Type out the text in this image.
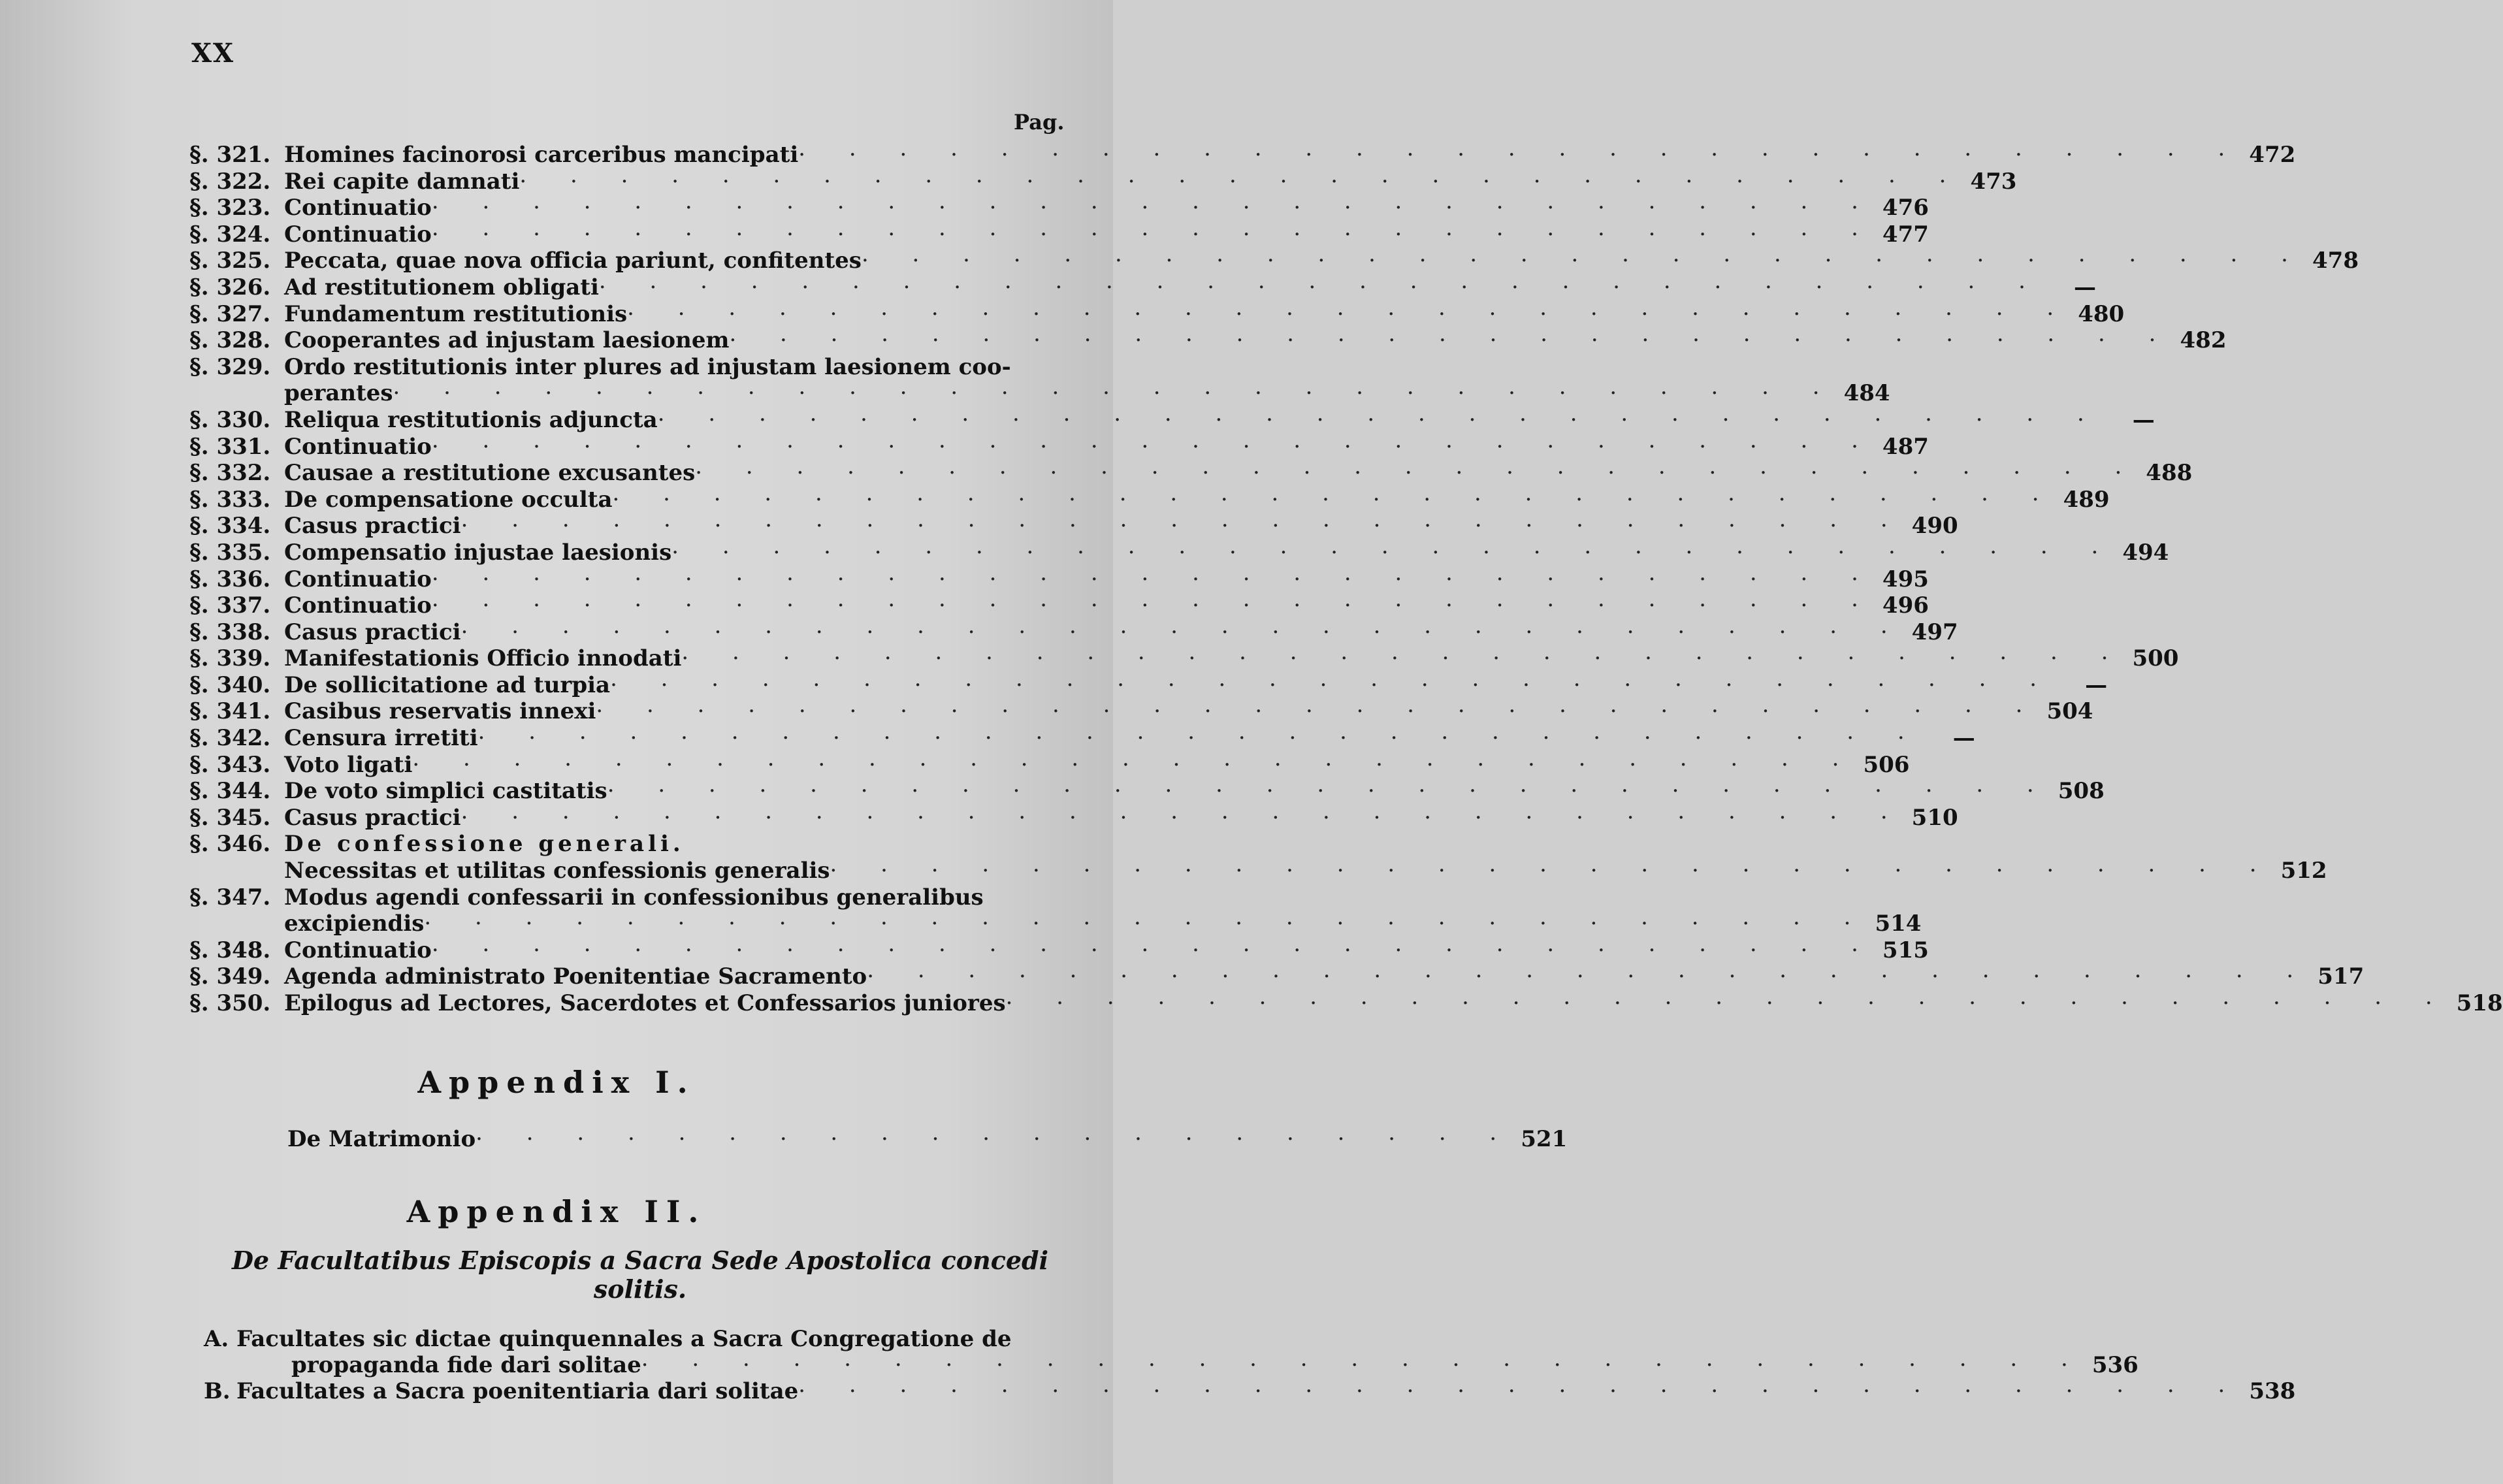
XX
Pag.
§. 321. Homines facinorosi carceribus mancipati · · · · · · · · · · · · · · · · · · · · · · · · · · · · · 472
§. 322. Rei capite damnati · · · · · · · · · · · · · · · · · · · · · · · · · · · · · 473
§. 323. Continuatio · · · · · · · · · · · · · · · · · · · · · · · · · · · · · 476
§. 324. Continuatio · · · · · · · · · · · · · · · · · · · · · · · · · · · · · 477
§. 325. Peccata, quae nova officia pariunt, confitentes · · · · · · · · · · · · · · · · · · · · · · · · · · · · · 478
§. 326. Ad restitutionem obligati · · · · · · · · · · · · · · · · · · · · · · · · · · · · ·	—
§. 327. Fundamentum restitutionis · · · · · · · · · · · · · · · · · · · · · · · · · · · · · 480
§. 328. Cooperantes ad injustam laesionem · · · · · · · · · · · · · · · · · · · · · · · · · · · · · 482
§. 329. Ordo restitutionis inter plures ad injustam laesionem coo-
perantes · · · · · · · · · · · · · · · · · · · · · · · · · · · · · 484
§. 330. Reliqua restitutionis adjuncta · · · · · · · · · · · · · · · · · · · · · · · · · · · · ·	—
§. 331. Continuatio · · · · · · · · · · · · · · · · · · · · · · · · · · · · · 487
§. 332. Causae a restitutione excusantes · · · · · · · · · · · · · · · · · · · · · · · · · · · · · 488
§. 333. De compensatione occulta · · · · · · · · · · · · · · · · · · · · · · · · · · · · · 489
§. 334. Casus practici · · · · · · · · · · · · · · · · · · · · · · · · · · · · · 490
§. 335. Compensatio injustae laesionis · · · · · · · · · · · · · · · · · · · · · · · · · · · · · 494
§. 336. Continuatio · · · · · · · · · · · · · · · · · · · · · · · · · · · · · 495
§. 337. Continuatio · · · · · · · · · · · · · · · · · · · · · · · · · · · · · 496
§. 338. Casus practici · · · · · · · · · · · · · · · · · · · · · · · · · · · · · 497
§. 339. Manifestationis Officio innodati · · · · · · · · · · · · · · · · · · · · · · · · · · · · · 500
§. 340. De sollicitatione ad turpia · · · · · · · · · · · · · · · · · · · · · · · · · · · · ·	—
§. 341. Casibus reservatis innexi · · · · · · · · · · · · · · · · · · · · · · · · · · · · · 504
§. 342. Censura irretiti · · · · · · · · · · · · · · · · · · · · · · · · · · · · ·	—
§. 343. Voto ligati · · · · · · · · · · · · · · · · · · · · · · · · · · · · · 506
§. 344. De voto simplici castitatis · · · · · · · · · · · · · · · · · · · · · · · · · · · · · 508
§. 345. Casus practici · · · · · · · · · · · · · · · · · · · · · · · · · · · · · 510
§. 346. De confessione generali.
Necessitas et utilitas confessionis generalis · · · · · · · · · · · · · · · · · · · · · · · · · · · · · 512
§. 347. Modus agendi confessarii in confessionibus generalibus
excipiendis · · · · · · · · · · · · · · · · · · · · · · · · · · · · · 514
§. 348. Continuatio · · · · · · · · · · · · · · · · · · · · · · · · · · · · · 515
§. 349. Agenda administrato Poenitentiae Sacramento · · · · · · · · · · · · · · · · · · · · · · · · · · · · · 517
§. 350. Epilogus ad Lectores, Sacerdotes et Confessarios juniores · · · · · · · · · · · · · · · · · · · · · · · · · · · · · 518
Appendix I.
De Matrimonio · · · · · · · · · · · · · · · · · · · · · 521
Appendix II.
De Facultatibus Episcopis a Sacra Sede Apostolica concedi solitis.
A. Facultates sic dictae quinquennales a Sacra Congregatione de
propaganda fide dari solitae · · · · · · · · · · · · · · · · · · · · · · · · · · · · · 536
B. Facultates a Sacra poenitentiaria dari solitae · · · · · · · · · · · · · · · · · · · · · · · · · · · · · 538
